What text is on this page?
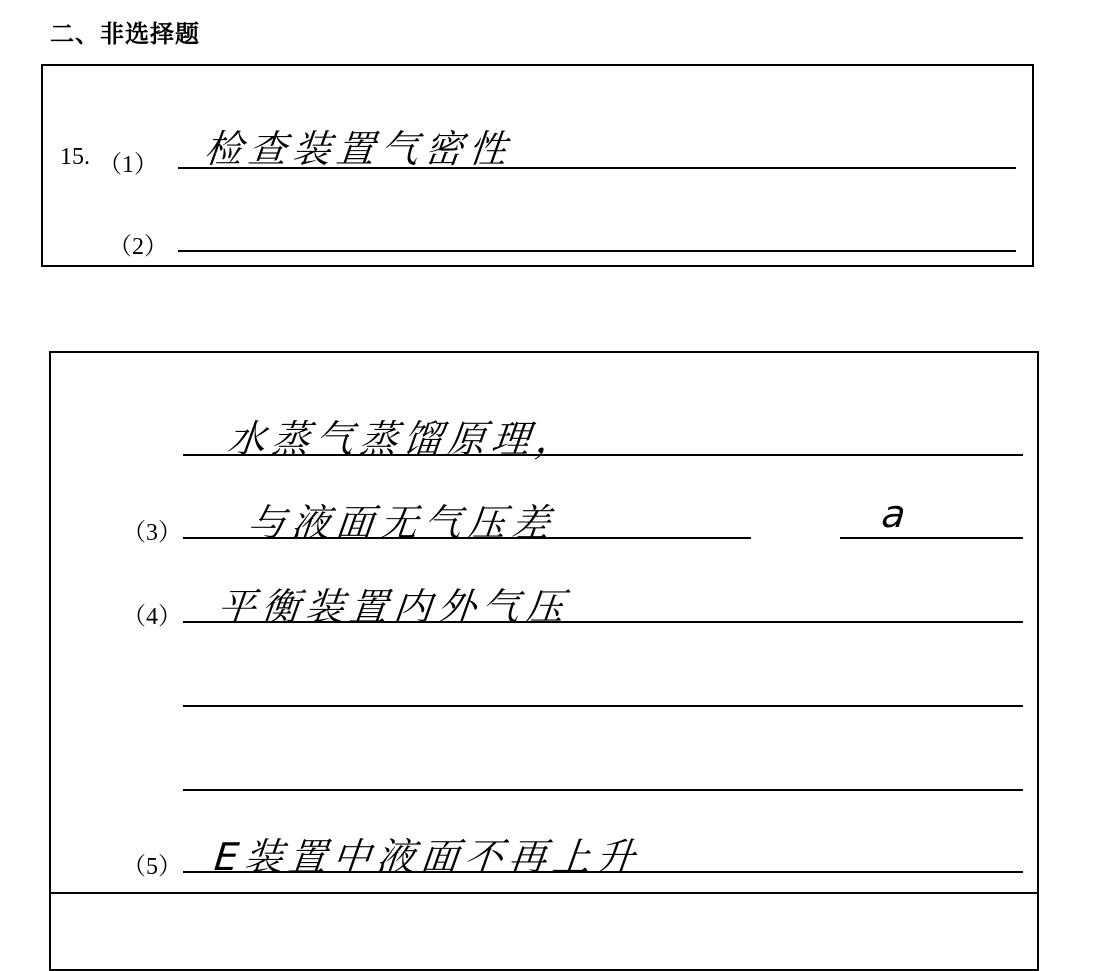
二、非选择题
15. （1） 检查装置气密性
（2）
水蒸气蒸馏原理，
（3） 与液面无气压差	a
（4） 平衡装置内外气压
（5） E装置中液面不再上升
